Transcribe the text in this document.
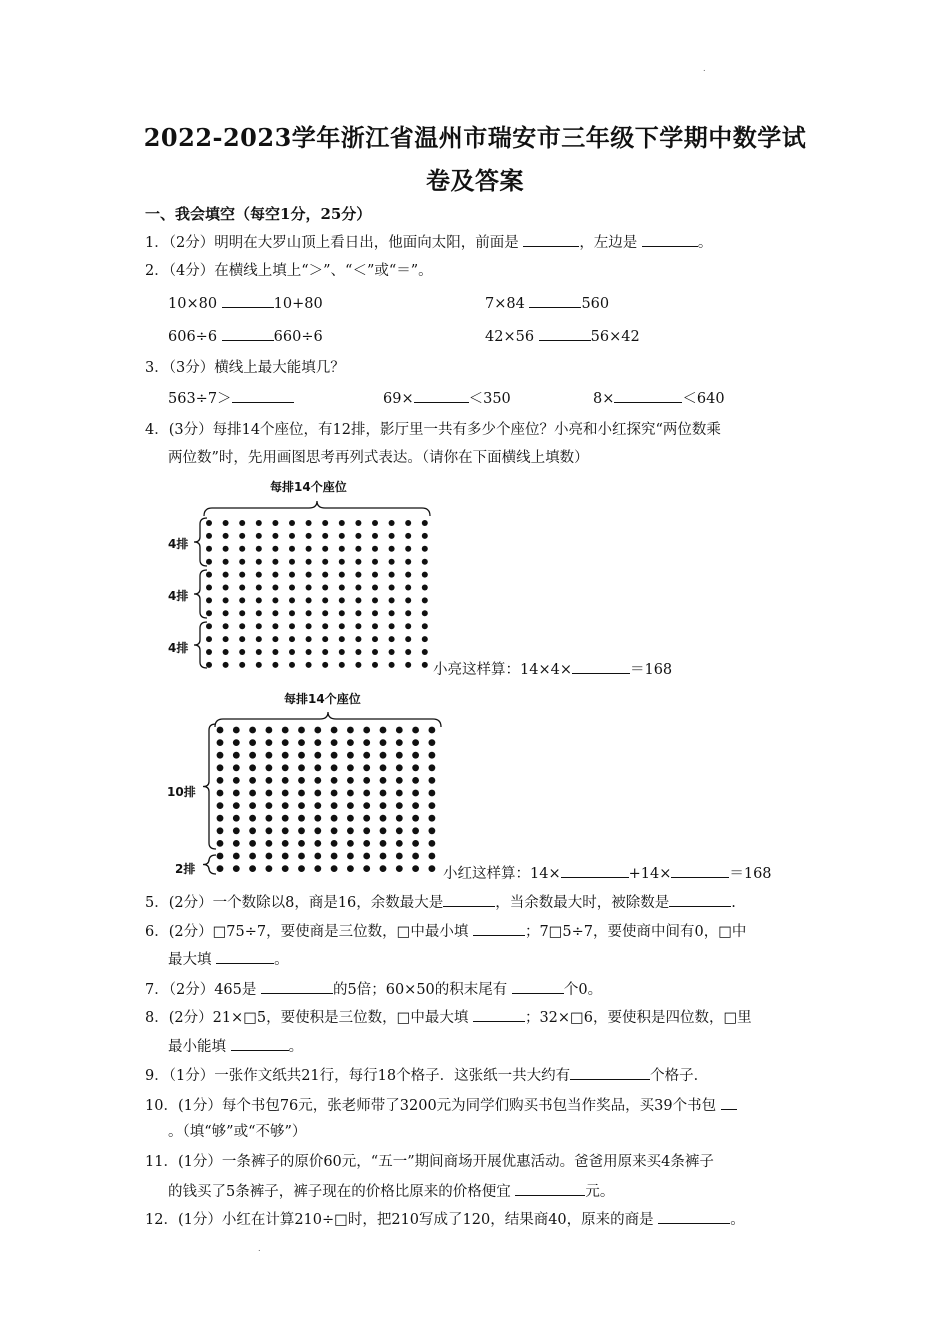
.
2022-2023学年浙江省温州市瑞安市三年级下学期中数学试
卷及答案
一、我会填空（每空1分，25分）
1．（2分）明明在大罗山顶上看日出，他面向太阳，前面是	，左边是	。
2．（4分）在横线上填上“＞”、“＜”或“＝”。
10×80	10+80	7×84	560
606÷6	660÷6	42×56	56×42
3．（3分）横线上最大能填几？
563÷7＞	69×	＜350	8×	＜640
4．(3分）每排14个座位，有12排，影厅里一共有多少个座位？小亮和小红探究“两位数乘
两位数”时，先用画图思考再列式表达。（请你在下面横线上填数）
每排14个座位
4排
4排
4排
小亮这样算：14×4×	＝168
每排14个座位
10排
2排	小红这样算：14×	+14×	＝168
5．(2分）一个数除以8，商是16，余数最大是	，当余数最大时，被除数是	.
6．(2分）□75÷7，要使商是三位数，□中最小填	；7□5÷7，要使商中间有0，□中
最大填	。
7．（2分）465是	的5倍；60×50的积末尾有	个0。
8．(2分）21×□5，要使积是三位数，□中最大填	；32×□6，要使积是四位数，□里
最小能填	。
9．（1分）一张作文纸共21行，每行18个格子．这张纸一共大约有	个格子．
10．(1分）每个书包76元，张老师带了3200元为同学们购买书包当作奖品，买39个书包
。（填“够”或“不够”）
11．(1分）一条裤子的原价60元，“五一”期间商场开展优惠活动。爸爸用原来买4条裤子
的钱买了5条裤子，裤子现在的价格比原来的价格便宜	元。
12．(1分）小红在计算210÷□时，把210写成了120，结果商40，原来的商是	。
.
